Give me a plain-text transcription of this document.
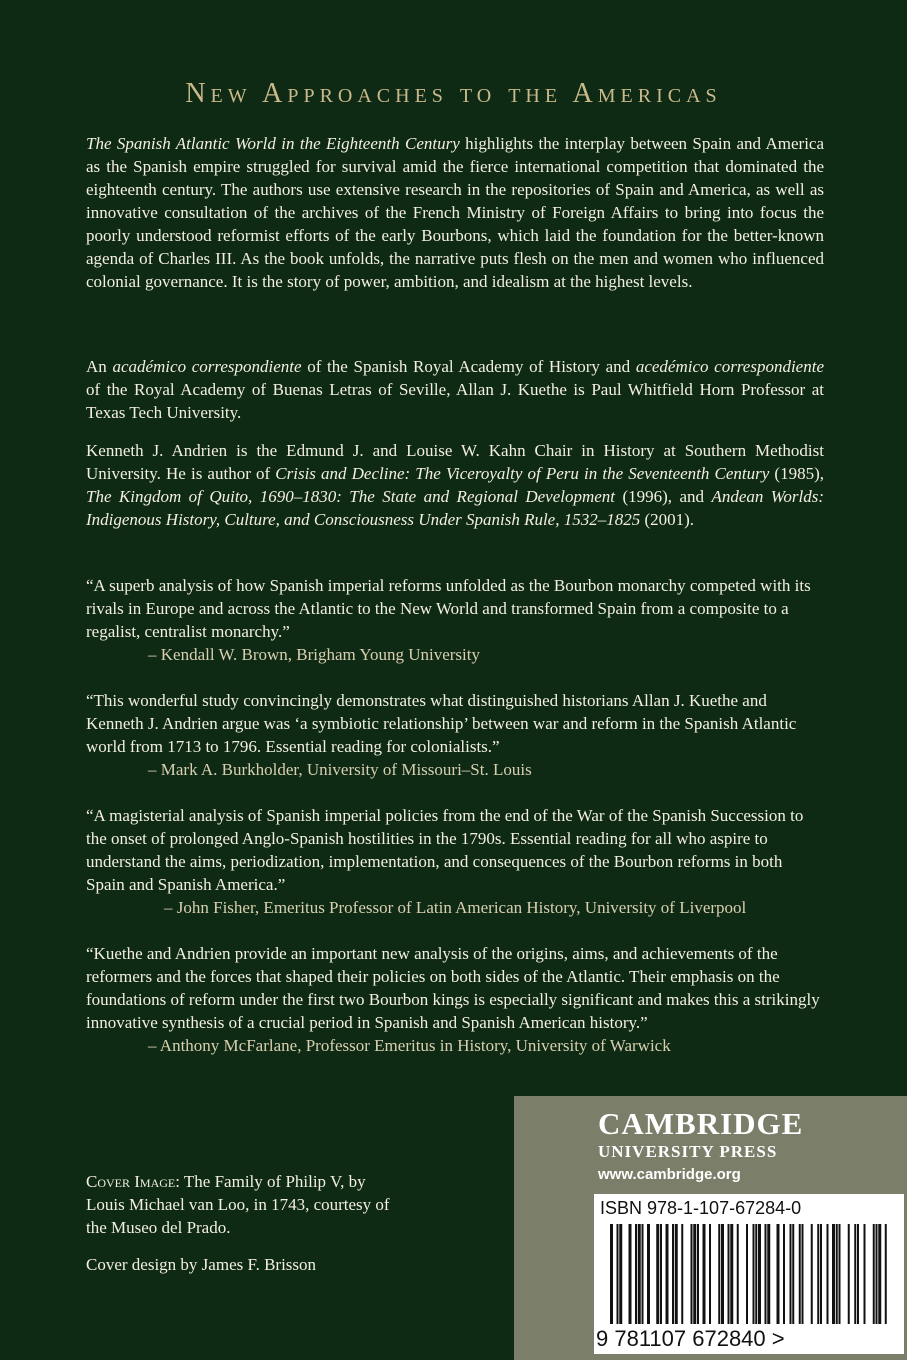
New Approaches to the Americas

The Spanish Atlantic World in the Eighteenth Century highlights the interplay between Spain and America as the Spanish empire struggled for survival amid the fierce international competition that dominated the eighteenth century. The authors use extensive research in the repositories of Spain and America, as well as innovative consultation of the archives of the French Ministry of Foreign Affairs to bring into focus the poorly understood reformist efforts of the early Bourbons, which laid the foundation for the better-known agenda of Charles III. As the book unfolds, the narrative puts flesh on the men and women who influenced colonial governance. It is the story of power, ambition, and idealism at the highest levels.

An académico correspondiente of the Spanish Royal Academy of History and acedémico correspondiente of the Royal Academy of Buenas Letras of Seville, Allan J. Kuethe is Paul Whitfield Horn Professor at Texas Tech University.

Kenneth J. Andrien is the Edmund J. and Louise W. Kahn Chair in History at Southern Methodist University. He is author of Crisis and Decline: The Viceroyalty of Peru in the Seventeenth Century (1985), The Kingdom of Quito, 1690–1830: The State and Regional Development (1996), and Andean Worlds: Indigenous History, Culture, and Consciousness Under Spanish Rule, 1532–1825 (2001).

“A superb analysis of how Spanish imperial reforms unfolded as the Bourbon monarchy competed with its rivals in Europe and across the Atlantic to the New World and transformed Spain from a composite to a regalist, centralist monarchy.”
– Kendall W. Brown, Brigham Young University
“This wonderful study convincingly demonstrates what distinguished historians Allan J. Kuethe and Kenneth J. Andrien argue was ‘a symbiotic relationship’ between war and reform in the Spanish Atlantic world from 1713 to 1796. Essential reading for colonialists.”
– Mark A. Burkholder, University of Missouri–St. Louis
“A magisterial analysis of Spanish imperial policies from the end of the War of the Spanish Succession to the onset of prolonged Anglo-Spanish hostilities in the 1790s. Essential reading for all who aspire to understand the aims, periodization, implementation, and consequences of the Bourbon reforms in both Spain and Spanish America.”
– John Fisher, Emeritus Professor of Latin American History, University of Liverpool
“Kuethe and Andrien provide an important new analysis of the origins, aims, and achievements of the reformers and the forces that shaped their policies on both sides of the Atlantic. Their emphasis on the foundations of reform under the first two Bourbon kings is especially significant and makes this a strikingly innovative synthesis of a crucial period in Spanish and Spanish American history.”
– Anthony McFarlane, Professor Emeritus in History, University of Warwick
Cover Image: The Family of Philip V, by Louis Michael van Loo, in 1743, courtesy of the Museo del Prado.
Cover design by James F. Brisson
CAMBRIDGE
UNIVERSITY PRESS
www.cambridge.org
ISBN 978-1-107-67284-0
9 781107 672840 >
